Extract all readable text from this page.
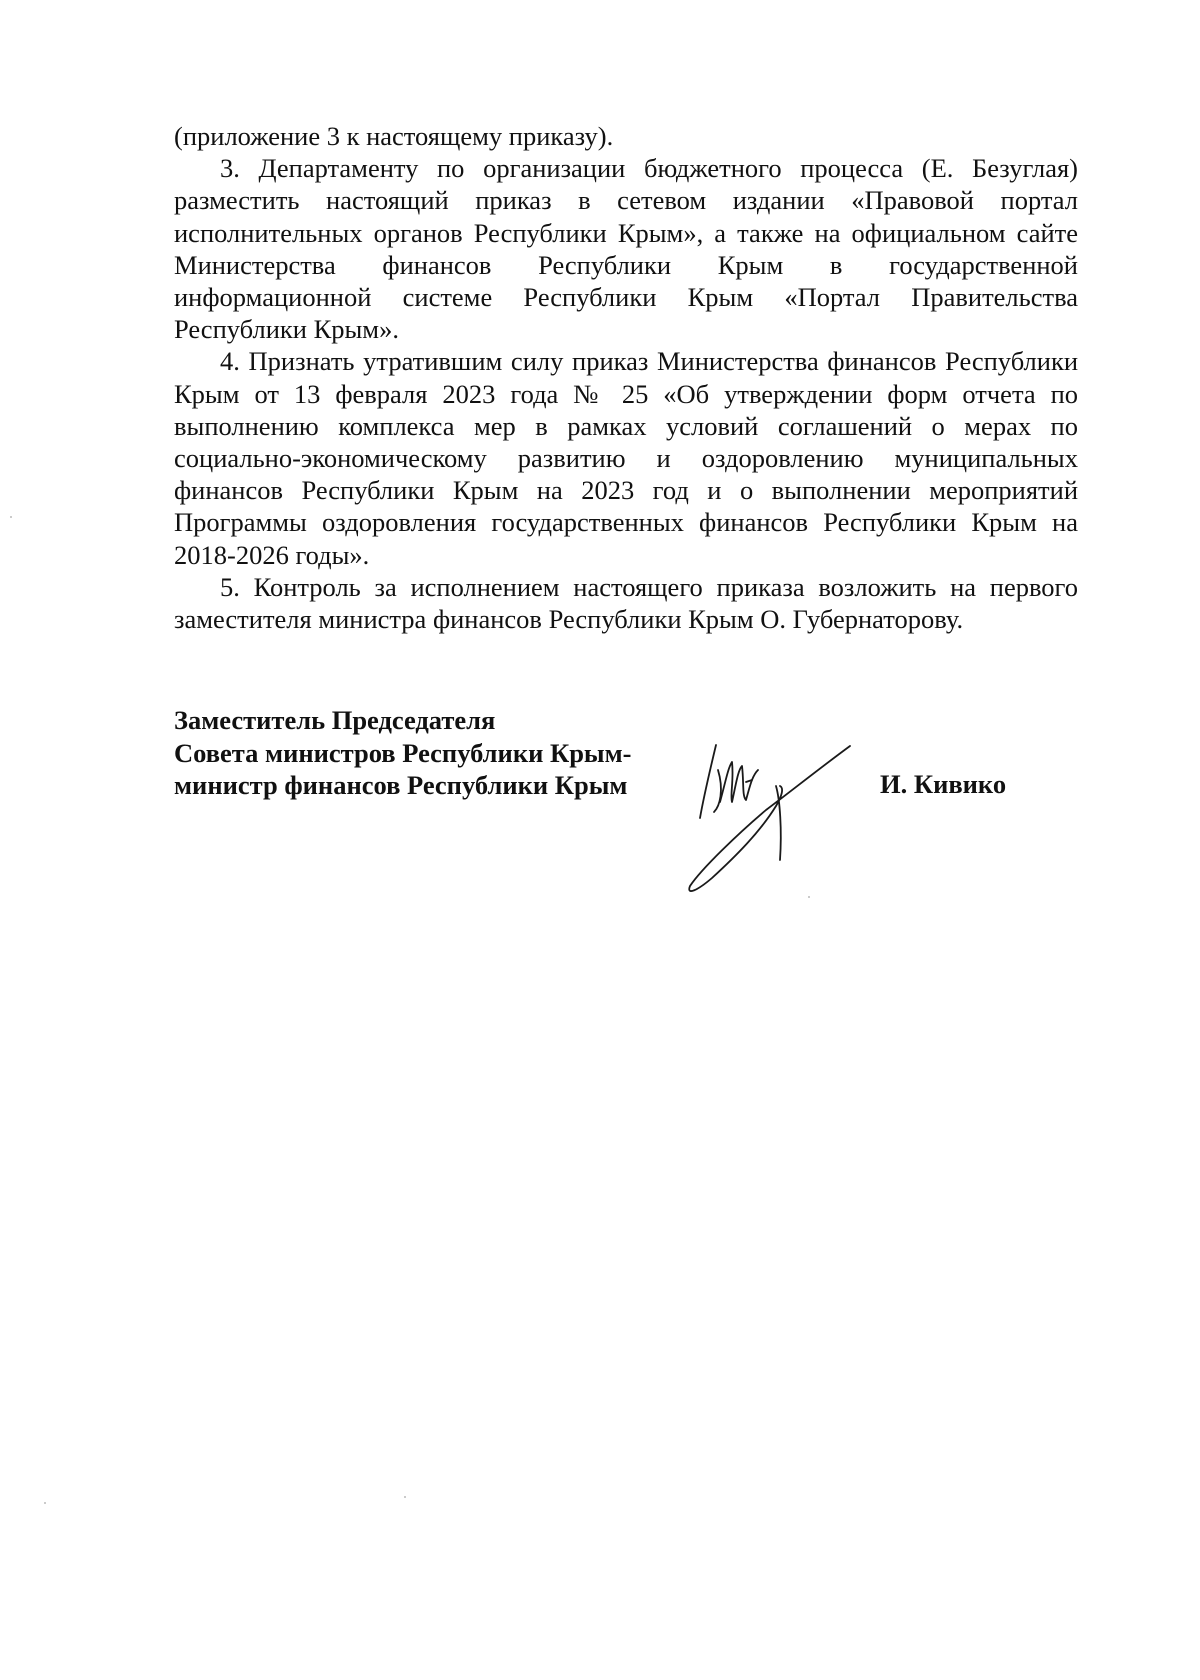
(приложение 3 к настоящему приказу).

3. Департаменту по организации бюджетного процесса (Е. Безуглая) разместить настоящий приказ в сетевом издании «Правовой портал исполнительных органов Республики Крым», а также на официальном сайте Министерства финансов Республики Крым в государственной информационной системе Республики Крым «Портал Правительства Республики Крым».

4. Признать утратившим силу приказ Министерства финансов Республики Крым от 13 февраля 2023 года № 25 «Об утверждении форм отчета по выполнению комплекса мер в рамках условий соглашений о мерах по социально-экономическому развитию и оздоровлению муниципальных финансов Республики Крым на 2023 год и о выполнении мероприятий Программы оздоровления государственных финансов Республики Крым на 2018-2026 годы».

5. Контроль за исполнением настоящего приказа возложить на первого заместителя министра финансов Республики Крым О. Губернаторову.

Заместитель Председателя
Совета министров Республики Крым-
министр финансов Республики Крым	И. Кивико
